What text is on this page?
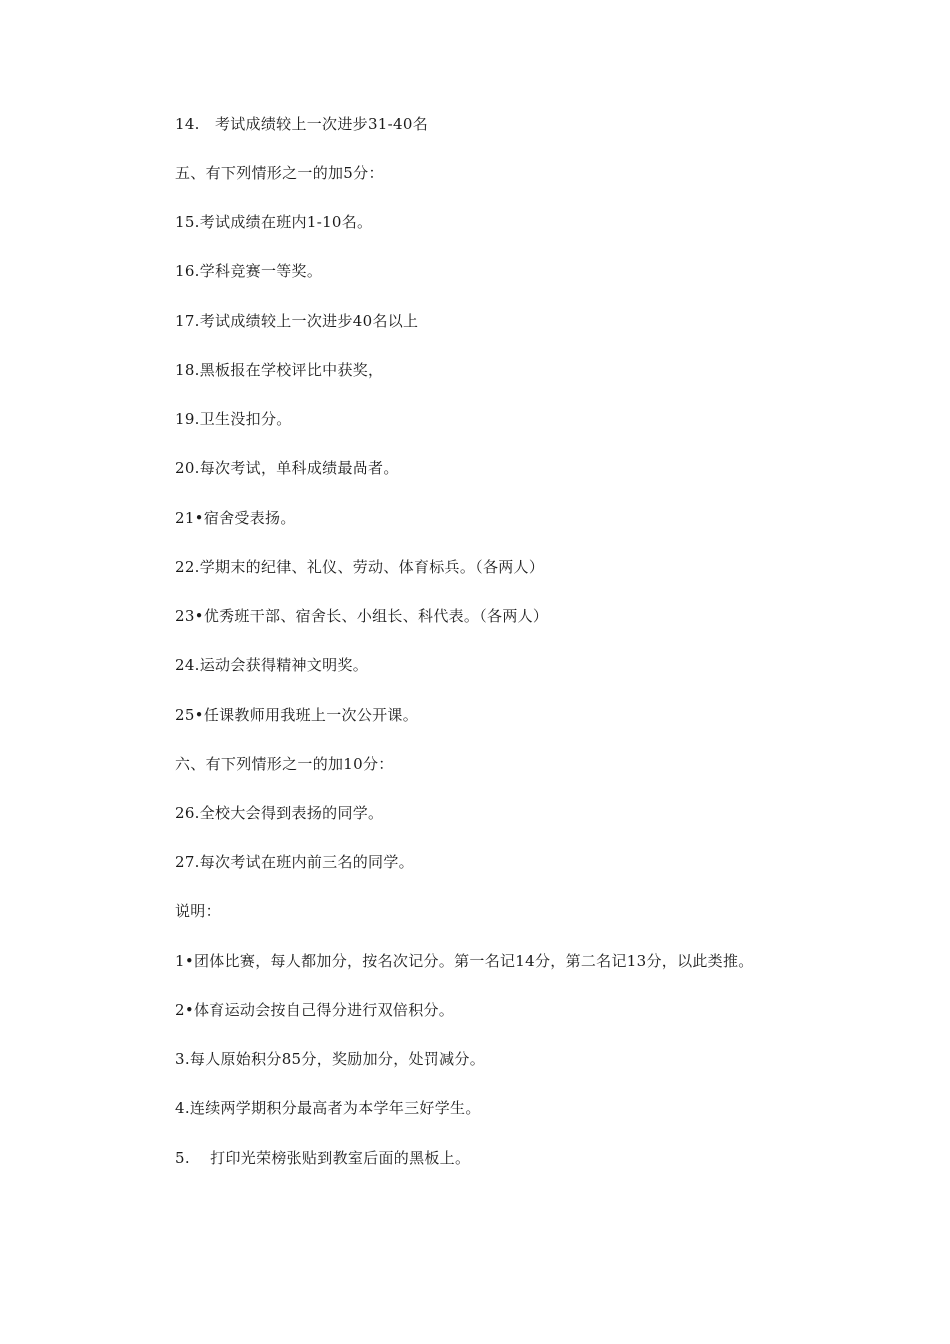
14.   考试成绩较上一次进步31-40名
五、有下列情形之一的加5分：
15.考试成绩在班内1-10名。
16.学科竞赛一等奖。
17.考试成绩较上一次进步40名以上
18.黑板报在学校评比中获奖，
19.卫生没扣分。
20.每次考试，单科成绩最咼者。
21•宿舍受表扬。
22.学期末的纪律、礼仪、劳动、体育标兵。（各两人）
23•优秀班干部、宿舍长、小组长、科代表。（各两人）
24.运动会获得精神文明奖。
25•任课教师用我班上一次公开课。
六、有下列情形之一的加10分：
26.全校大会得到表扬的同学。
27.每次考试在班内前三名的同学。
说明：
1•团体比赛，每人都加分，按名次记分。第一名记14分，第二名记13分，以此类推。
2•体育运动会按自己得分进行双倍积分。
3.每人原始积分85分，奖励加分，处罚减分。
4.连续两学期积分最高者为本学年三好学生。
5.    打印光荣榜张贴到教室后面的黑板上。
